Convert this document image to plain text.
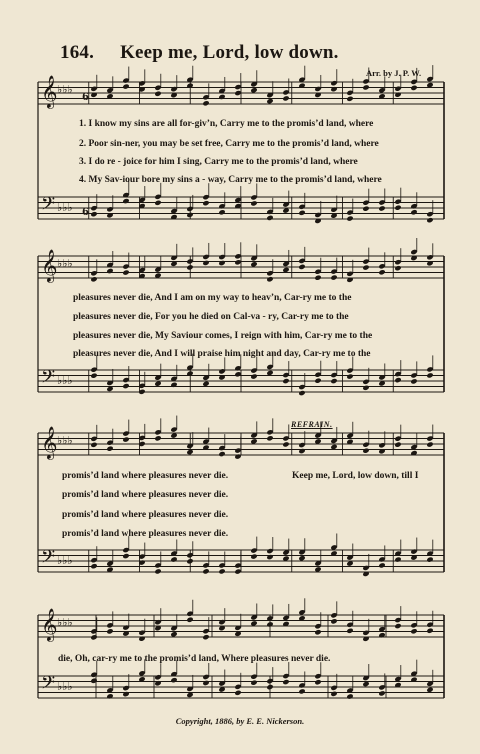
164. Keep me, Lord, low down.
Arr. by J. P. W.
𝄞
𝄢
♭♭♭
♭♭♭
𝄞
𝄢
♭♭♭
♭♭♭
𝄞
𝄢
♭♭♭
♭♭♭
𝄞
𝄢
♭♭♭
♭♭♭
6
6
1. I know my sins are all for-giv’n, Carry me to the promis’d land, where
2. Poor sin-ner, you may be set free, Carry me to the promis’d land, where
3. I do re - joice for him I sing, Carry me to the promis’d land, where
4. My Sav-iour bore my sins a - way, Carry me to the promis’d land, where
pleasures never die, And I am on my way to heav’n, Car-ry me to the
pleasures never die, For you he died on Cal-va - ry, Car-ry me to the
pleasures never die, My Saviour comes, I reign with him, Car-ry me to the
pleasures never die, And I will praise him night and day, Car-ry me to the
REFRAIN.
promis’d land where pleasures never die.	Keep me, Lord, low down, till I
promis’d land where pleasures never die.
promis’d land where pleasures never die.
promis’d land where pleasures never die.
die, Oh, car-ry me to the promis’d land, Where pleasures never die.
Copyright, 1886, by E. E. Nickerson.
